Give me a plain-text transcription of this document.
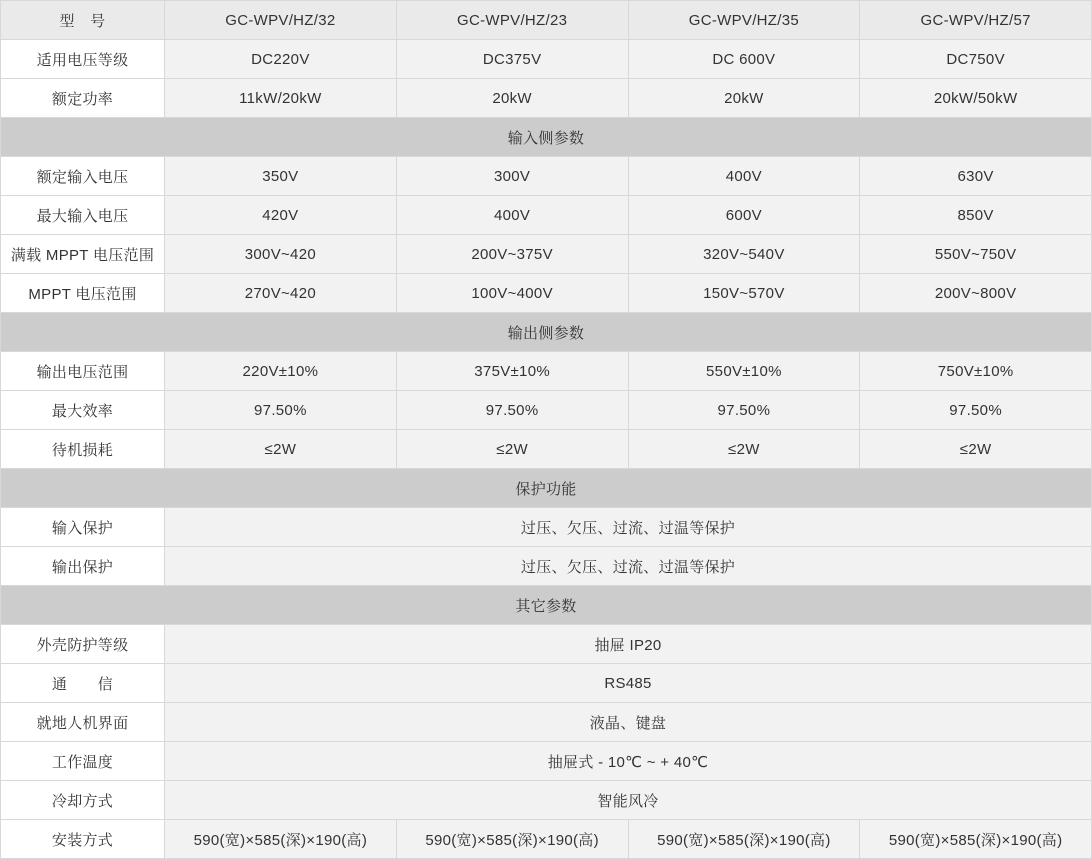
型　号	GC-WPV/HZ/32	GC-WPV/HZ/23	GC-WPV/HZ/35	GC-WPV/HZ/57
适用电压等级	DC220V	DC375V	DC 600V	DC750V
额定功率	11kW/20kW	20kW	20kW	20kW/50kW
输入侧参数				
额定输入电压	350V	300V	400V	630V
最大输入电压	420V	400V	600V	850V
满载 MPPT 电压范围	300V~420	200V~375V	320V~540V	550V~750V
MPPT 电压范围	270V~420	100V~400V	150V~570V	200V~800V
输出侧参数				
输出电压范围	220V±10%	375V±10%	550V±10%	750V±10%
最大效率	97.50%	97.50%	97.50%	97.50%
待机损耗	≤2W	≤2W	≤2W	≤2W
保护功能				
输入保护	过压、欠压、过流、过温等保护			
输出保护	过压、欠压、过流、过温等保护			
其它参数				
外壳防护等级	抽屉 IP20			
通　　信	RS485			
就地人机界面	液晶、键盘			
工作温度	抽屉式 - 10℃ ~ + 40℃			
冷却方式	智能风冷			
安装方式	590(宽)×585(深)×190(高)	590(宽)×585(深)×190(高)	590(宽)×585(深)×190(高)	590(宽)×585(深)×190(高)
